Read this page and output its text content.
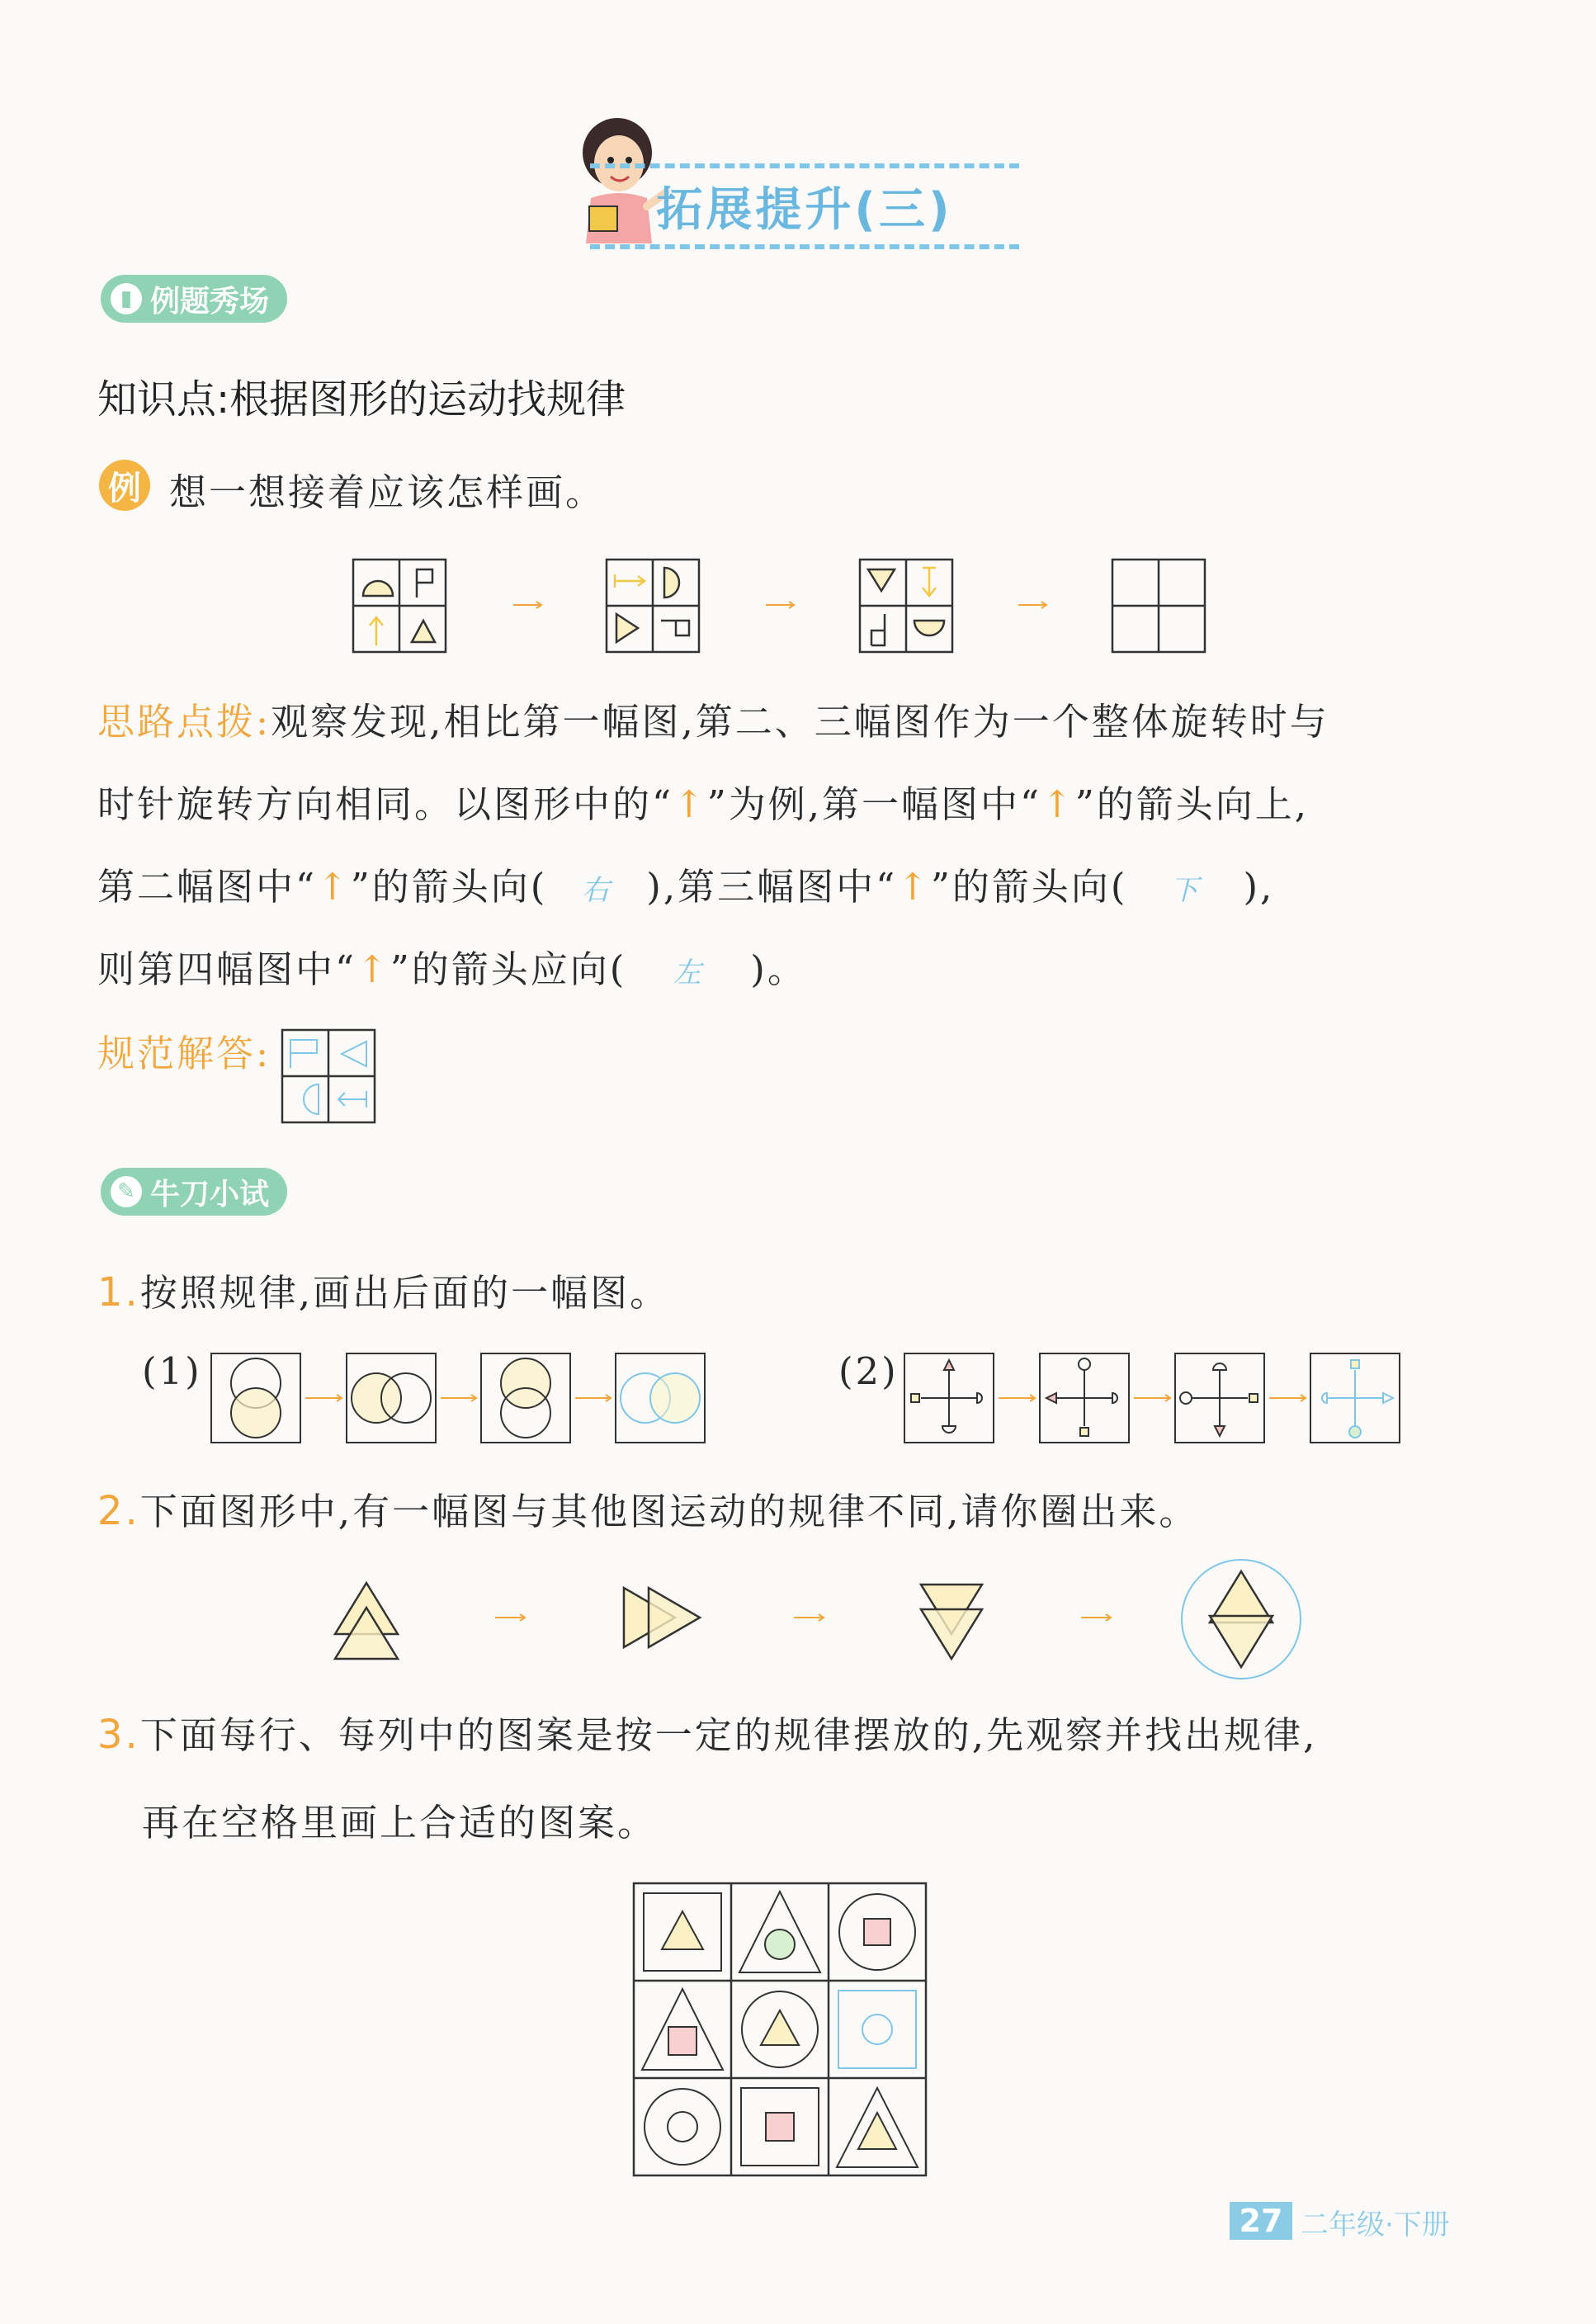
拓展提升(三)
▮ 例题秀场
知识点:根据图形的运动找规律
例 想一想接着应该怎样画。
思路点拨:观察发现,相比第一幅图,第二、三幅图作为一个整体旋转时与
时针旋转方向相同。以图形中的“↑”为例,第一幅图中“↑”的箭头向上,
第二幅图中“↑”的箭头向( 右 ),第三幅图中“↑”的箭头向( 下 ),
则第四幅图中“↑”的箭头应向( 左 )。
规范解答:
✎ 牛刀小试
1.按照规律,画出后面的一幅图。
(1)	(2)
2.下面图形中,有一幅图与其他图运动的规律不同,请你圈出来。
3.下面每行、每列中的图案是按一定的规律摆放的,先观察并找出规律,
再在空格里画上合适的图案。
27 二年级·下册
